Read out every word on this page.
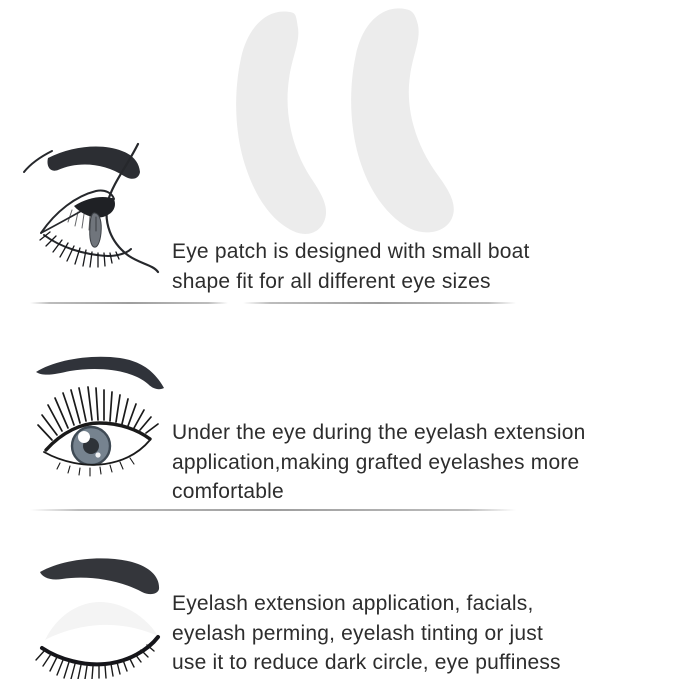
Eye patch is designed with small boat
shape fit for all different eye sizes
Under the eye during the eyelash extension
application,making grafted eyelashes more
comfortable
Eyelash extension application, facials,
eyelash perming, eyelash tinting or just
use it to reduce dark circle, eye puffiness
